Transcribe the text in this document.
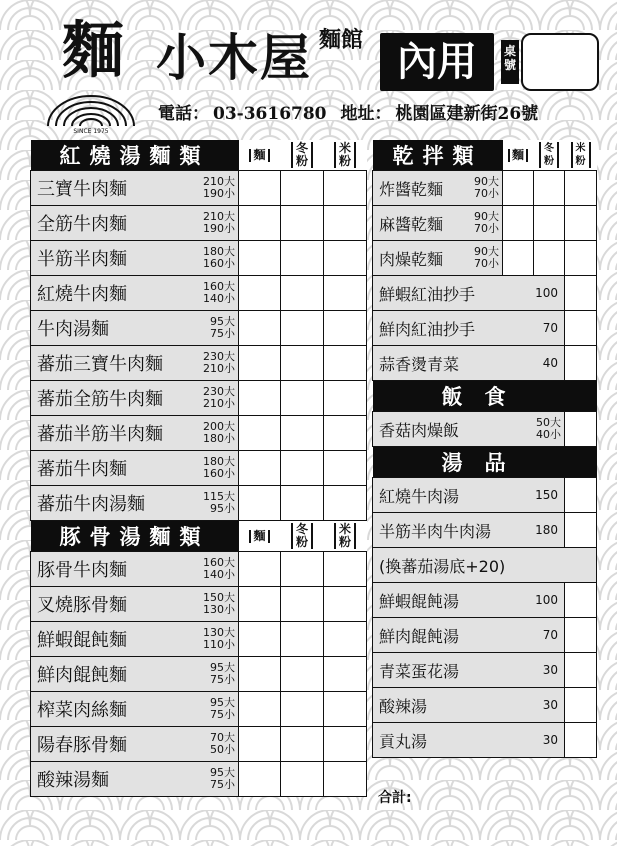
麵
SINCE 1975
小木屋 麵館 內用	桌號
電話： 03-3616780 地址： 桃園區建新街26號
紅燒湯麵類		麵	冬粉	米粉
三寶牛肉麵	210大
190小			

全筋牛肉麵	210大
190小			

半筋半肉麵	180大
160小			

紅燒牛肉麵	160大
140小			

牛肉湯麵	95大
75小			

蕃茄三寶牛肉麵	230大
210小			

蕃茄全筋牛肉麵	230大
210小			

蕃茄半筋半肉麵	200大
180小			

蕃茄牛肉麵	180大
160小			

蕃茄牛肉湯麵	115大
95小			

豚骨湯麵類		麵	冬粉	米粉
豚骨牛肉麵	160大
140小			

叉燒豚骨麵	150大
130小			

鮮蝦餛飩麵	130大
110小			

鮮肉餛飩麵	95大
75小			

榨菜肉絲麵	95大
75小			

陽春豚骨麵	70大
50小			

酸辣湯麵	95大
75小			

乾拌類		麵	冬粉	米粉
炸醬乾麵	90大
70小			

麻醬乾麵	90大
70小			

肉燥乾麵	90大
70小			

鮮蝦紅油抄手			100	
鮮肉紅油抄手			70	
蒜香燙青菜			40	
飯食				
香菇肉燥飯			50大
40小	

湯品				
紅燒牛肉湯			150	
半筋半肉牛肉湯			180	
(換蕃茄湯底+20)				
鮮蝦餛飩湯			100	
鮮肉餛飩湯			70	
青菜蛋花湯			30	
酸辣湯			30	
貢丸湯			30	
合計:
